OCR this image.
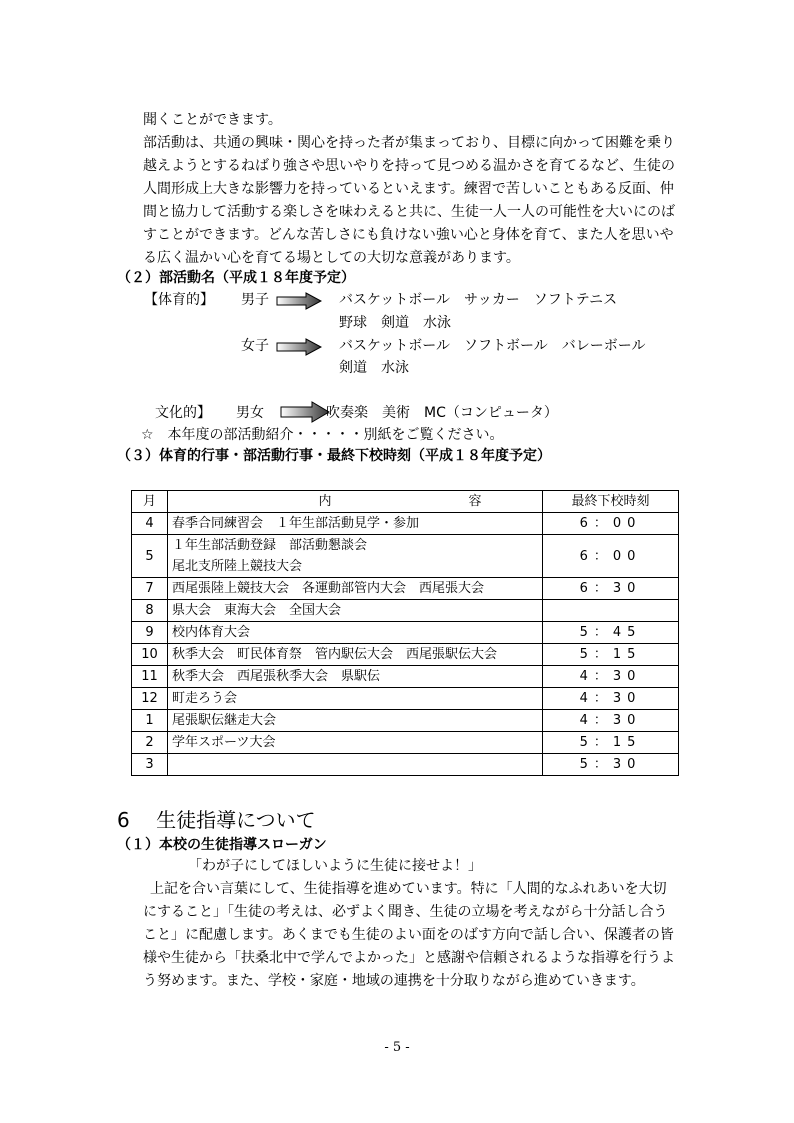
聞くことができます。
部活動は、共通の興味・関心を持った者が集まっており、目標に向かって困難を乗り
越えようとするねばり強さや思いやりを持って見つめる温かさを育てるなど、生徒の
人間形成上大きな影響力を持っているといえます。練習で苦しいこともある反面、仲
間と協力して活動する楽しさを味わえると共に、生徒一人一人の可能性を大いにのば
すことができます。どんな苦しさにも負けない強い心と身体を育て、また人を思いや
る広く温かい心を育てる場としての大切な意義があります。
（２）部活動名（平成１８年度予定）
【体育的】 男子	バスケットボール　サッカー　ソフトテニス
野球　剣道　水泳
女子	バスケットボール　ソフトボール　バレーボール
剣道　水泳
文化的】 男女	吹奏楽　美術　MC（コンピュータ）
☆　本年度の部活動紹介・・・・・別紙をご覧ください。
（３）体育的行事・部活動行事・最終下校時刻（平成１８年度予定）
月	内 容	最終下校時刻
4	春季合同練習会　１年生部活動見学・参加	6：00
5	１年生部活動登録　部活動懇談会
尾北支所陸上競技大会	6：00
7	西尾張陸上競技大会　各運動部管内大会　西尾張大会	6：30
8	県大会　東海大会　全国大会	

9	校内体育大会	5：45
10	秋季大会　町民体育祭　管内駅伝大会　西尾張駅伝大会	5：15
11	秋季大会　西尾張秋季大会　県駅伝	4：30
12	町走ろう会	4：30
1	尾張駅伝継走大会	4：30
2	学年スポーツ大会	5：15
3		5：30
6　 生徒指導について
（１）本校の生徒指導スローガン
「わが子にしてほしいように生徒に接せよ！」
上記を合い言葉にして、生徒指導を進めています。特に「人間的なふれあいを大切
にすること」「生徒の考えは、必ずよく聞き、生徒の立場を考えながら十分話し合う
こと」に配慮します。あくまでも生徒のよい面をのばす方向で話し合い、保護者の皆
様や生徒から「扶桑北中で学んでよかった」と感謝や信頼されるような指導を行うよ
う努めます。また、学校・家庭・地域の連携を十分取りながら進めていきます。
- 5 -
